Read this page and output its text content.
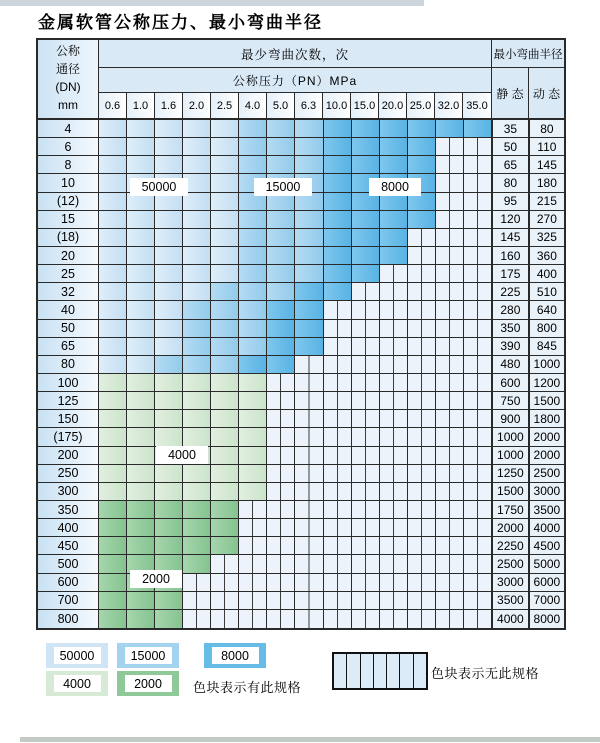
金属软管公称压力、最小弯曲半径
公称
通径
(DN)
mm
最少弯曲次数，次
公称压力（PN）MPa
0.6	1.0	1.6	2.0	2.5	4.0	5.0	6.3 10.0 15.0 20.0 25.0 32.0 35.0
最小弯曲半径
静 态 动 态
4	35	80
6	50	110
8	65	145
10	80	180
(12)	95	215
15	120	270
(18)	145	325
20	160	360
25	175	400
32	225	510
40	280	640
50	350	800
65	390	845
80	480	1000
100	600	1200
125	750	1500
150	900	1800
(175)	1000 2000
200	1000 2000
250	1250 2500
300	1500 3000
350	1750 3500
400	2000 4000
450	2250 4500
500	2500 5000
600	3000 6000
700	3500 7000
800	4000 8000
50000	15000	8000
4000
2000
色块表示有此规格
色块表示无此规格
50000	15000	8000
4000	2000
